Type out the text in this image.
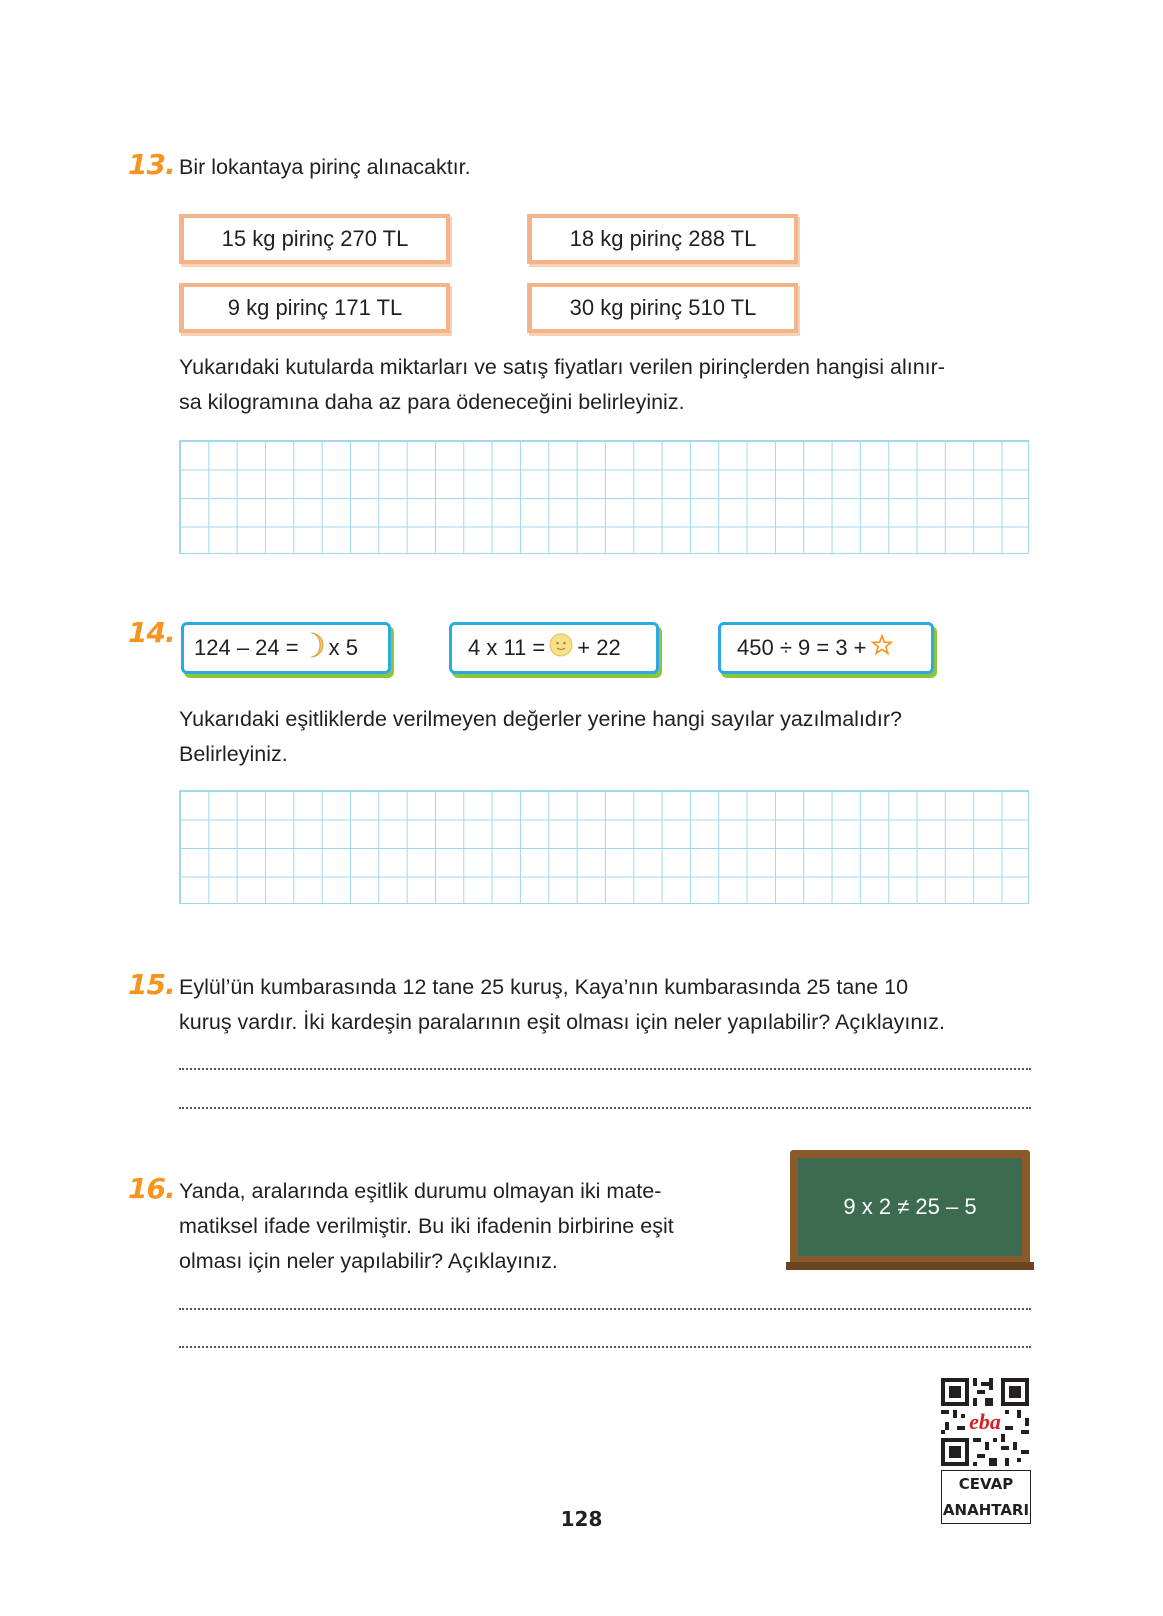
13. Bir lokantaya pirinç alınacaktır.
15 kg pirinç 270 TL	18 kg pirinç 288 TL
9 kg pirinç 171 TL	30 kg pirinç 510 TL
Yukarıdaki kutularda miktarları ve satış fiyatları verilen pirinçlerden hangisi alınır-
sa kilogramına daha az para ödeneceğini belirleyiniz.
14. 124 – 24 = x 5	4 x 11 = + 22	450 ÷ 9 = 3 +
Yukarıdaki eşitliklerde verilmeyen değerler yerine hangi sayılar yazılmalıdır?
Belirleyiniz.
15. Eylül’ün kumbarasında 12 tane 25 kuruş, Kaya’nın kumbarasında 25 tane 10
kuruş vardır. İki kardeşin paralarının eşit olması için neler yapılabilir? Açıklayınız.
16. Yanda, aralarında eşitlik durumu olmayan iki mate-
matiksel ifade verilmiştir. Bu iki ifadenin birbirine eşit
olması için neler yapılabilir? Açıklayınız.
9 x 2 ≠ 25 – 5
eba
CEVAP
ANAHTARI
128
